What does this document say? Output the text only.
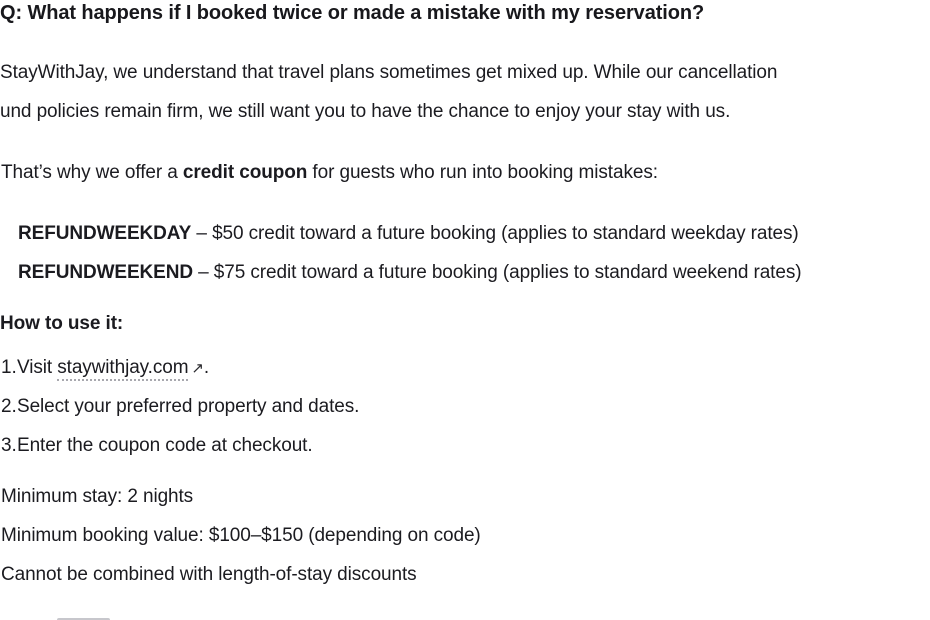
Q: What happens if I booked twice or made a mistake with my reservation?
StayWithJay, we understand that travel plans sometimes get mixed up. While our cancellation
und policies remain firm, we still want you to have the chance to enjoy your stay with us.
That’s why we offer a credit coupon for guests who run into booking mistakes:
REFUNDWEEKDAY – $50 credit toward a future booking (applies to standard weekday rates)
REFUNDWEEKEND – $75 credit toward a future booking (applies to standard weekend rates)
How to use it:
1. Visit staywithjay.com ↗.
2. Select your preferred property and dates.
3. Enter the coupon code at checkout.
Minimum stay: 2 nights
Minimum booking value: $100–$150 (depending on code)
Cannot be combined with length-of-stay discounts
